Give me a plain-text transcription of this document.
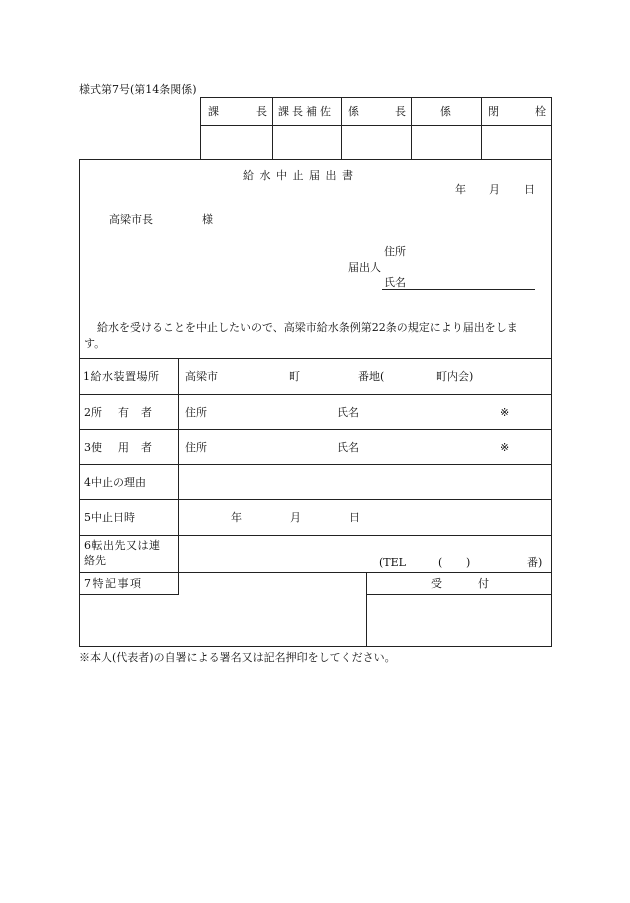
様式第7号(第14条関係)
課	長 課長補佐 係	長	係	閉	栓
給 水 中 止 届 出 書
年 月 日
高梁市長	様
住所
届出人
氏名
給水を受けることを中止したいので、高梁市給水条例第22条の規定により届出をしま
す。
1給水装置場所 高梁市	町	番地(	町内会)
2所 有 者	住所	氏名	※
3使 用 者	住所	氏名	※
4中止の理由
5中止日時	年	月	日
6転出先又は連
絡先	(TEL	( )	番)
7特記事項	受	付
※本人(代表者)の自署による署名又は記名押印をしてください。
